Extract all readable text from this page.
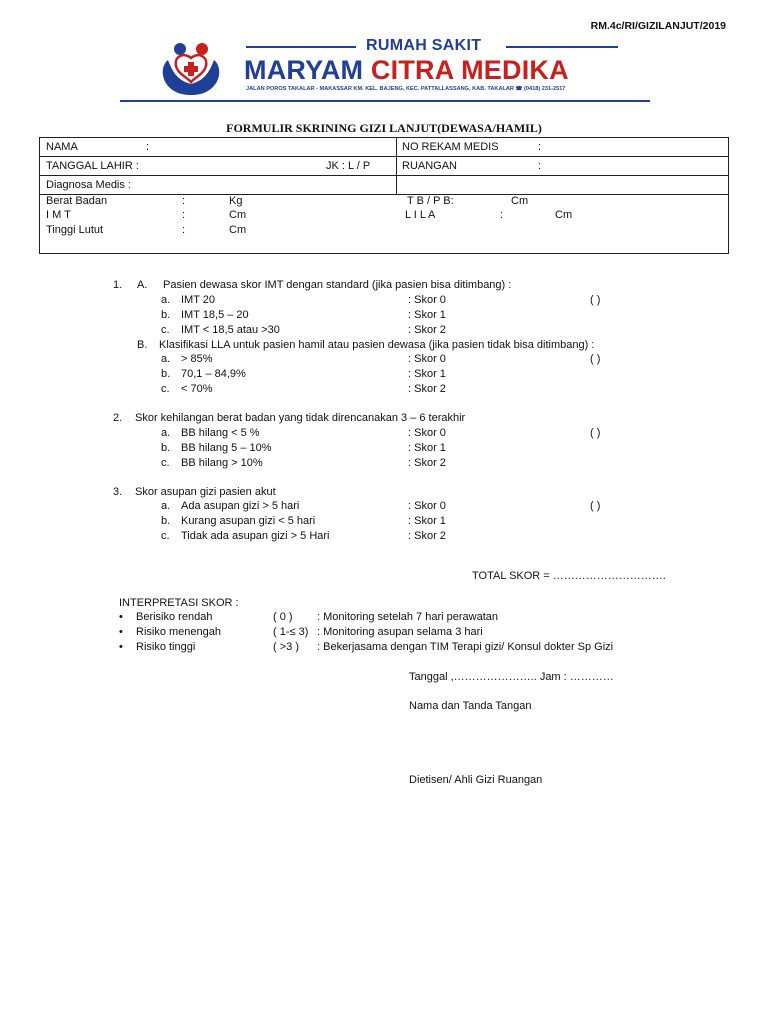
RM.4c/RI/GIZILANJUT/2019
RUMAH SAKIT
MARYAM CITRA MEDIKA
JALAN POROS TAKALAR - MAKASSAR KM. KEL. BAJENG, KEC. PATTALLASSANG, KAB. TAKALAR ☎ (0418) 231-2517
FORMULIR SKRINING GIZI LANJUT(DEWASA/HAMIL)
NAMA	:	NO REKAM MEDIS	:
TANGGAL LAHIR :	JK : L / P	RUANGAN	:
Diagnosa Medis :
Berat Badan	:	Kg	T B / P B:	Cm
I M T	:	Cm	L I L A	:	Cm
Tinggi Lutut	:	Cm
1. A. Pasien dewasa skor IMT dengan standard (jika pasien bisa ditimbang) :
a. IMT 20	: Skor 0	( )
b. IMT 18,5 – 20	: Skor 1
c. IMT < 18,5 atau >30	: Skor 2
B. Klasifikasi LLA untuk pasien hamil atau pasien dewasa (jika pasien tidak bisa ditimbang) :
a. > 85%	: Skor 0	( )
b. 70,1 – 84,9%	: Skor 1
c. < 70%	: Skor 2
2. Skor kehilangan berat badan yang tidak direncanakan 3 – 6 terakhir
a. BB hilang < 5 %	: Skor 0	( )
b. BB hilang 5 – 10%	: Skor 1
c. BB hilang > 10%	: Skor 2
3. Skor asupan gizi pasien akut
a. Ada asupan gizi > 5 hari	: Skor 0	( )
b. Kurang asupan gizi < 5 hari	: Skor 1
c. Tidak ada asupan gizi > 5 Hari	: Skor 2
TOTAL SKOR = ………………………….
INTERPRETASI SKOR :
• Berisiko rendah	( 0 ) : Monitoring setelah 7 hari perawatan
• Risiko menengah	( 1-≤ 3) : Monitoring asupan selama 3 hari
• Risiko tinggi	( >3 ) : Bekerjasama dengan TIM Terapi gizi/ Konsul dokter Sp Gizi
Tanggal ,………………….. Jam : …………
Nama dan Tanda Tangan
Dietisen/ Ahli Gizi Ruangan
